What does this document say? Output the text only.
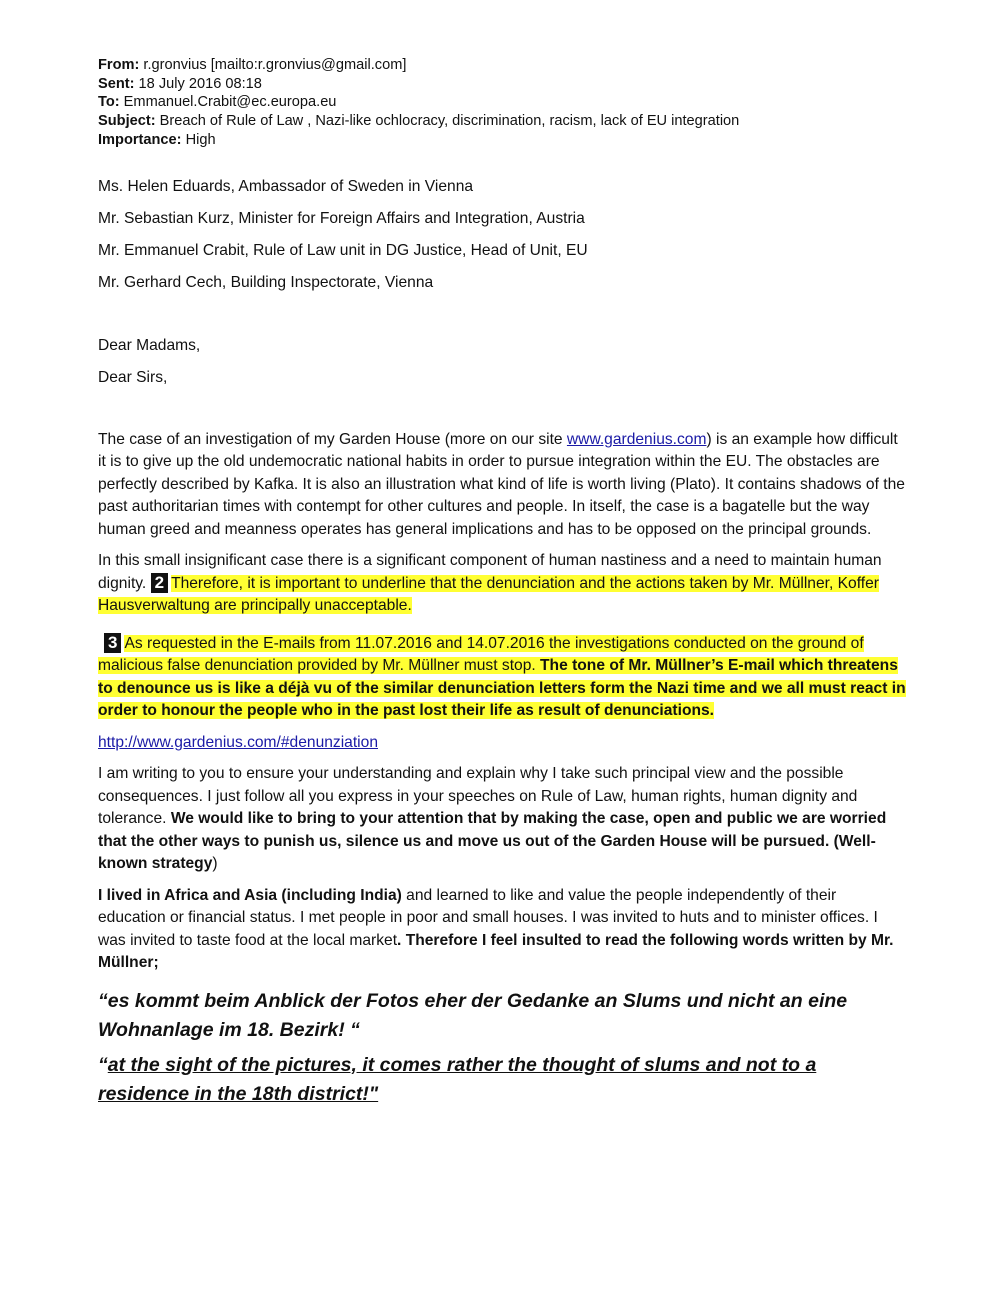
From: r.gronvius [mailto:r.gronvius@gmail.com]
Sent: 18 July 2016 08:18
To: Emmanuel.Crabit@ec.europa.eu
Subject: Breach of Rule of Law , Nazi-like ochlocracy, discrimination, racism, lack of EU integration
Importance: High

Ms. Helen Eduards, Ambassador of Sweden in Vienna

Mr. Sebastian Kurz, Minister for Foreign Affairs and Integration, Austria

Mr. Emmanuel Crabit, Rule of Law unit in DG Justice, Head of Unit, EU

Mr. Gerhard Cech, Building Inspectorate, Vienna

Dear Madams,

Dear Sirs,

The case of an investigation of my Garden House (more on our site www.gardenius.com) is an example how difficult it is to give up the old undemocratic national habits in order to pursue integration within the EU. The obstacles are perfectly described by Kafka. It is also an illustration what kind of life is worth living (Plato). It contains shadows of the past authoritarian times with contempt for other cultures and people. In itself, the case is a bagatelle but the way human greed and meanness operates has general implications and has to be opposed on the principal grounds.

In this small insignificant case there is a significant component of human nastiness and a need to maintain human dignity. 2 Therefore, it is important to underline that the denunciation and the actions taken by Mr. Müllner, Koffer Hausverwaltung are principally unacceptable.

3 As requested in the E-mails from 11.07.2016 and 14.07.2016 the investigations conducted on the ground of malicious false denunciation provided by Mr. Müllner must stop. The tone of Mr. Müllner’s E-mail which threatens to denounce us is like a déjà vu of the similar denunciation letters form the Nazi time and we all must react in order to honour the people who in the past lost their life as result of denunciations.

http://www.gardenius.com/#denunziation

I am writing to you to ensure your understanding and explain why I take such principal view and the possible consequences. I just follow all you express in your speeches on Rule of Law, human rights, human dignity and tolerance. We would like to bring to your attention that by making the case, open and public we are worried that the other ways to punish us, silence us and move us out of the Garden House will be pursued. (Well-known strategy)

I lived in Africa and Asia (including India) and learned to like and value the people independently of their education or financial status. I met people in poor and small houses. I was invited to huts and to minister offices. I was invited to taste food at the local market. Therefore I feel insulted to read the following words written by Mr. Müllner;

“es kommt beim Anblick der Fotos eher der Gedanke an Slums und nicht an eine Wohnanlage im 18. Bezirk! “

“at the sight of the pictures, it comes rather the thought of slums and not to a residence in the 18th district!"
